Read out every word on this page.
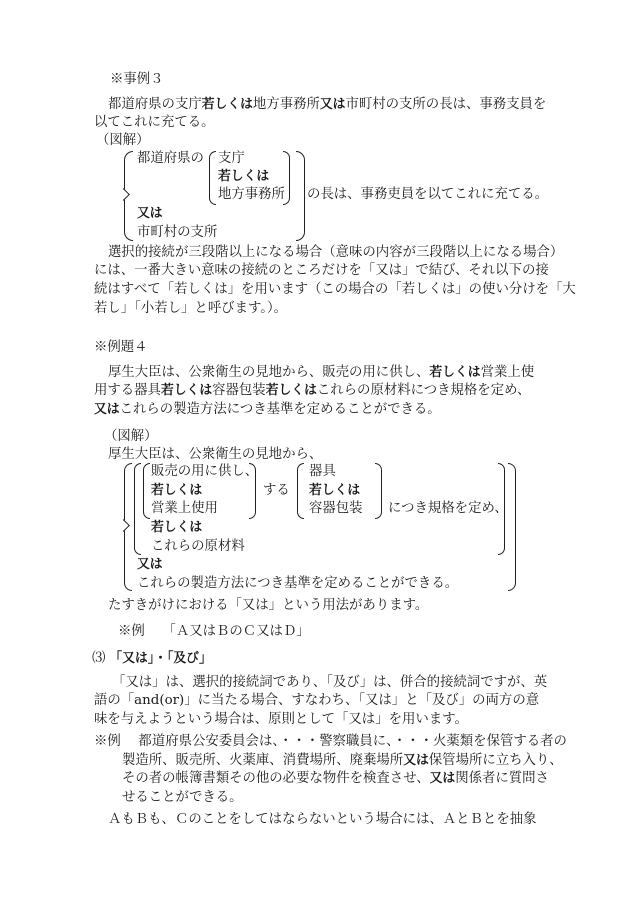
※事例３
都道府県の支庁若しくは地方事務所又は市町村の支所の長は、事務支員を
以てこれに充てる。
（図解）
都道府県の 支庁
若しくは
地方事務所 の長は、事務吏員を以てこれに充てる。
又は
市町村の支所
選択的接続が三段階以上になる場合（意味の内容が三段階以上になる場合）
には、一番大きい意味の接続のところだけを「又は」で結び、それ以下の接
続はすべて「若しくは」を用います（この場合の「若しくは」の使い分けを「大
若し」「小若し」と呼びます。）。
※例題４
厚生大臣は、公衆衛生の見地から、販売の用に供し、若しくは営業上使
用する器具若しくは容器包装若しくはこれらの原材料につき規格を定め、
又はこれらの製造方法につき基準を定めることができる。
（図解）
厚生大臣は、公衆衛生の見地から、
販売の用に供し、
若しくは
営業上使用
する
器具
若しくは
容器包装 につき規格を定め、
若しくは
これらの原材料
又は
これらの製造方法につき基準を定めることができる。
たすきがけにおける「又は」という用法があります。
※例　 「Ａ又はＢのＣ又はＤ」
⑶ 「又は」・「及び」
「又は」は、選択的接続詞であり、「及び」は、併合的接続詞ですが、英
語の「and(or)」に当たる場合、すなわち、「又は」と「及び」の両方の意
味を与えようという場合は、原則として「又は」を用います。
※例　 都道府県公安委員会は、・・・警察職員に、・・・火薬類を保管する者の
製造所、販売所、火薬庫、消費場所、廃棄場所又は保管場所に立ち入り、
その者の帳簿書類その他の必要な物件を検査させ、又は関係者に質問さ
せることができる。
ＡもＢも、Ｃのことをしてはならないという場合には、ＡとＢとを抽象
